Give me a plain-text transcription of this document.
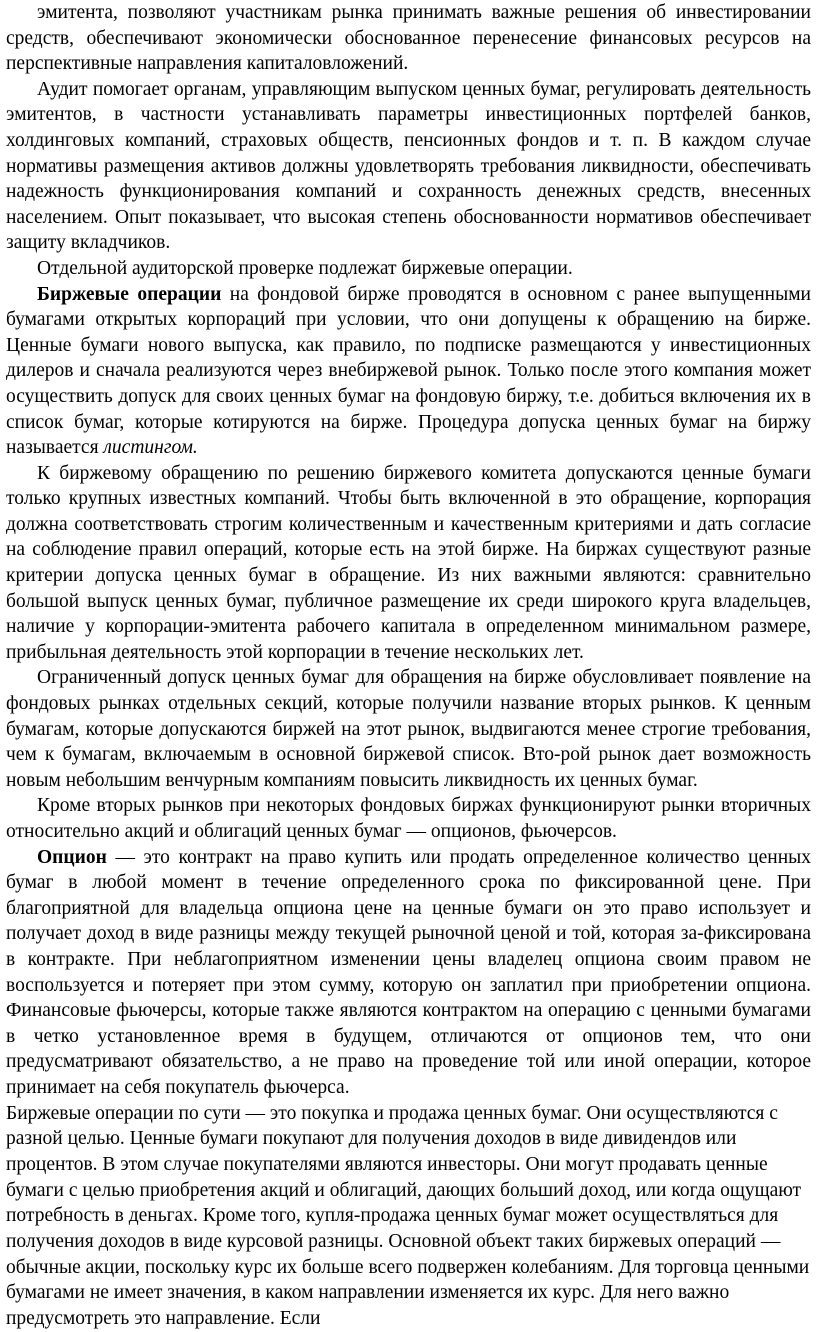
эмитента, позволяют участникам рынка принимать важные решения об инвестировании средств, обеспечивают экономически обоснованное перенесение финансовых ресурсов на перспективные направления капиталовложений.

Аудит помогает органам, управляющим выпуском ценных бумаг, регулировать деятельность эмитентов, в частности устанавливать параметры инвестиционных портфелей банков, холдинговых компаний, страховых обществ, пенсионных фондов и т. п. В каждом случае нормативы размещения активов должны удовлетворять требования ликвидности, обеспечивать надежность функционирования компаний и сохранность денежных средств, внесенных населением. Опыт показывает, что высокая степень обоснованности нормативов обеспечивает защиту вкладчиков.

Отдельной аудиторской проверке подлежат биржевые операции.

Биржевые операции на фондовой бирже проводятся в основном с ранее выпущенными бумагами открытых корпораций при условии, что они допущены к обращению на бирже. Ценные бумаги нового выпуска, как правило, по подписке размещаются у инвестиционных дилеров и сначала реализуются через внебиржевой рынок. Только после этого компания может осуществить допуск для своих ценных бумаг на фондовую биржу, т.е. добиться включения их в список бумаг, которые котируются на бирже. Процедура допуска ценных бумаг на биржу называется листингом.

К биржевому обращению по решению биржевого комитета допускаются ценные бумаги только крупных известных компаний. Чтобы быть включенной в это обращение, корпорация должна соответствовать строгим количественным и качественным критериями и дать согласие на соблюдение правил операций, которые есть на этой бирже. На биржах существуют разные критерии допуска ценных бумаг в обращение. Из них важными являются: сравнительно большой выпуск ценных бумаг, публичное размещение их среди широкого круга владельцев, наличие у корпорации-эмитента рабочего капитала в определенном минимальном размере, прибыльная деятельность этой корпорации в течение нескольких лет.

Ограниченный допуск ценных бумаг для обращения на бирже обусловливает появление на фондовых рынках отдельных секций, которые получили название вторых рынков. К ценным бумагам, которые допускаются биржей на этот рынок, выдвигаются менее строгие требования, чем к бумагам, включаемым в основной биржевой список. Вто-рой рынок дает возможность новым небольшим венчурным компаниям повысить ликвидность их ценных бумаг.

Кроме вторых рынков при некоторых фондовых биржах функционируют рынки вторичных относительно акций и облигаций ценных бумаг — опционов, фьючерсов.

Опцион — это контракт на право купить или продать определенное количество ценных бумаг в любой момент в течение определенного срока по фиксированной цене. При благоприятной для владельца опциона цене на ценные бумаги он это право использует и получает доход в виде разницы между текущей рыночной ценой и той, которая за-фиксирована в контракте. При неблагоприятном изменении цены владелец опциона своим правом не воспользуется и потеряет при этом сумму, которую он заплатил при приобретении опциона. Финансовые фьючерсы, которые также являются контрактом на операцию с ценными бумагами в четко установленное время в будущем, отличаются от опционов тем, что они предусматривают обязательство, а не право на проведение той или иной операции, которое принимает на себя покупатель фьючерса.

Биржевые операции по сути — это покупка и продажа ценных бумаг. Они осуществляются с разной целью. Ценные бумаги покупают для получения доходов в виде дивидендов или процентов. В этом случае покупателями являются инвесторы. Они могут продавать ценные бумаги с целью приобретения акций и облигаций, дающих больший доход, или когда ощущают потребность в деньгах. Кроме того, купля-продажа ценных бумаг может осуществляться для получения доходов в виде курсовой разницы. Основной объект таких биржевых операций — обычные акции, поскольку курс их больше всего подвержен колебаниям. Для торговца ценными бумагами не имеет значения, в каком направлении изменяется их курс. Для него важно предусмотреть это направление. Если
